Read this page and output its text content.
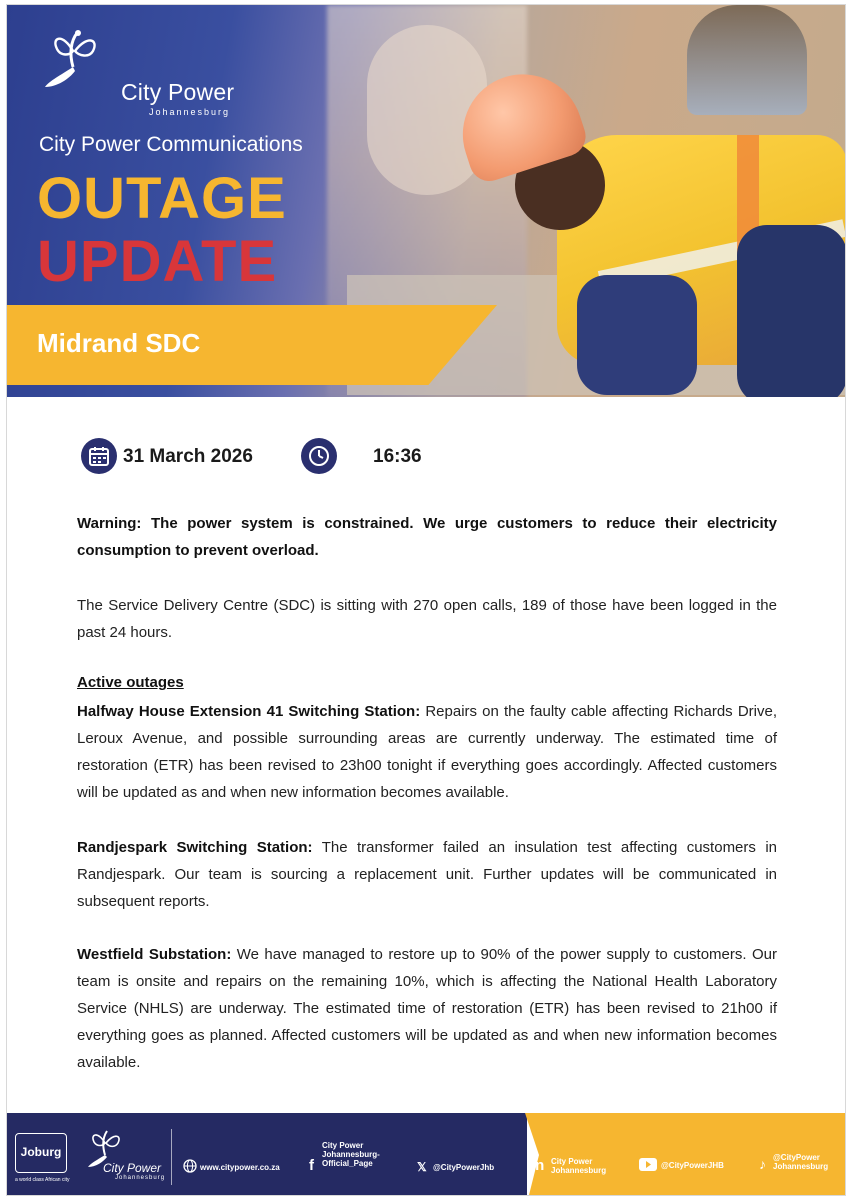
City Power
Johannesburg
City Power Communications
OUTAGE
UPDATE
Midrand SDC
31 March 2026	16:36
Warning: The power system is constrained. We urge customers to reduce their electricity consumption to prevent overload.
The Service Delivery Centre (SDC) is sitting with 270 open calls, 189 of those have been logged in the past 24 hours.
Active outages
Halfway House Extension 41 Switching Station: Repairs on the faulty cable affecting Richards Drive, Leroux Avenue, and possible surrounding areas are currently underway. The estimated time of restoration (ETR) has been revised to 23h00 tonight if everything goes accordingly. Affected customers will be updated as and when new information becomes available.
Randjespark Switching Station: The transformer failed an insulation test affecting customers in Randjespark. Our team is sourcing a replacement unit. Further updates will be communicated in subsequent reports.
Westfield Substation: We have managed to restore up to 90% of the power supply to customers. Our team is onsite and repairs on the remaining 10%, which is affecting the National Health Laboratory Service (NHLS) are underway. The estimated time of restoration (ETR) has been revised to 21h00 if everything goes as planned. Affected customers will be updated as and when new information becomes available.
Joburg
a world class African city
City Power
Johannesburg
www.citypower.co.za f
City Power Johannesburg-Official_Page	𝕏 @CityPowerJhb in City Power Johannesburg
@CityPowerJHB	♪ @CityPower Johannesburg
